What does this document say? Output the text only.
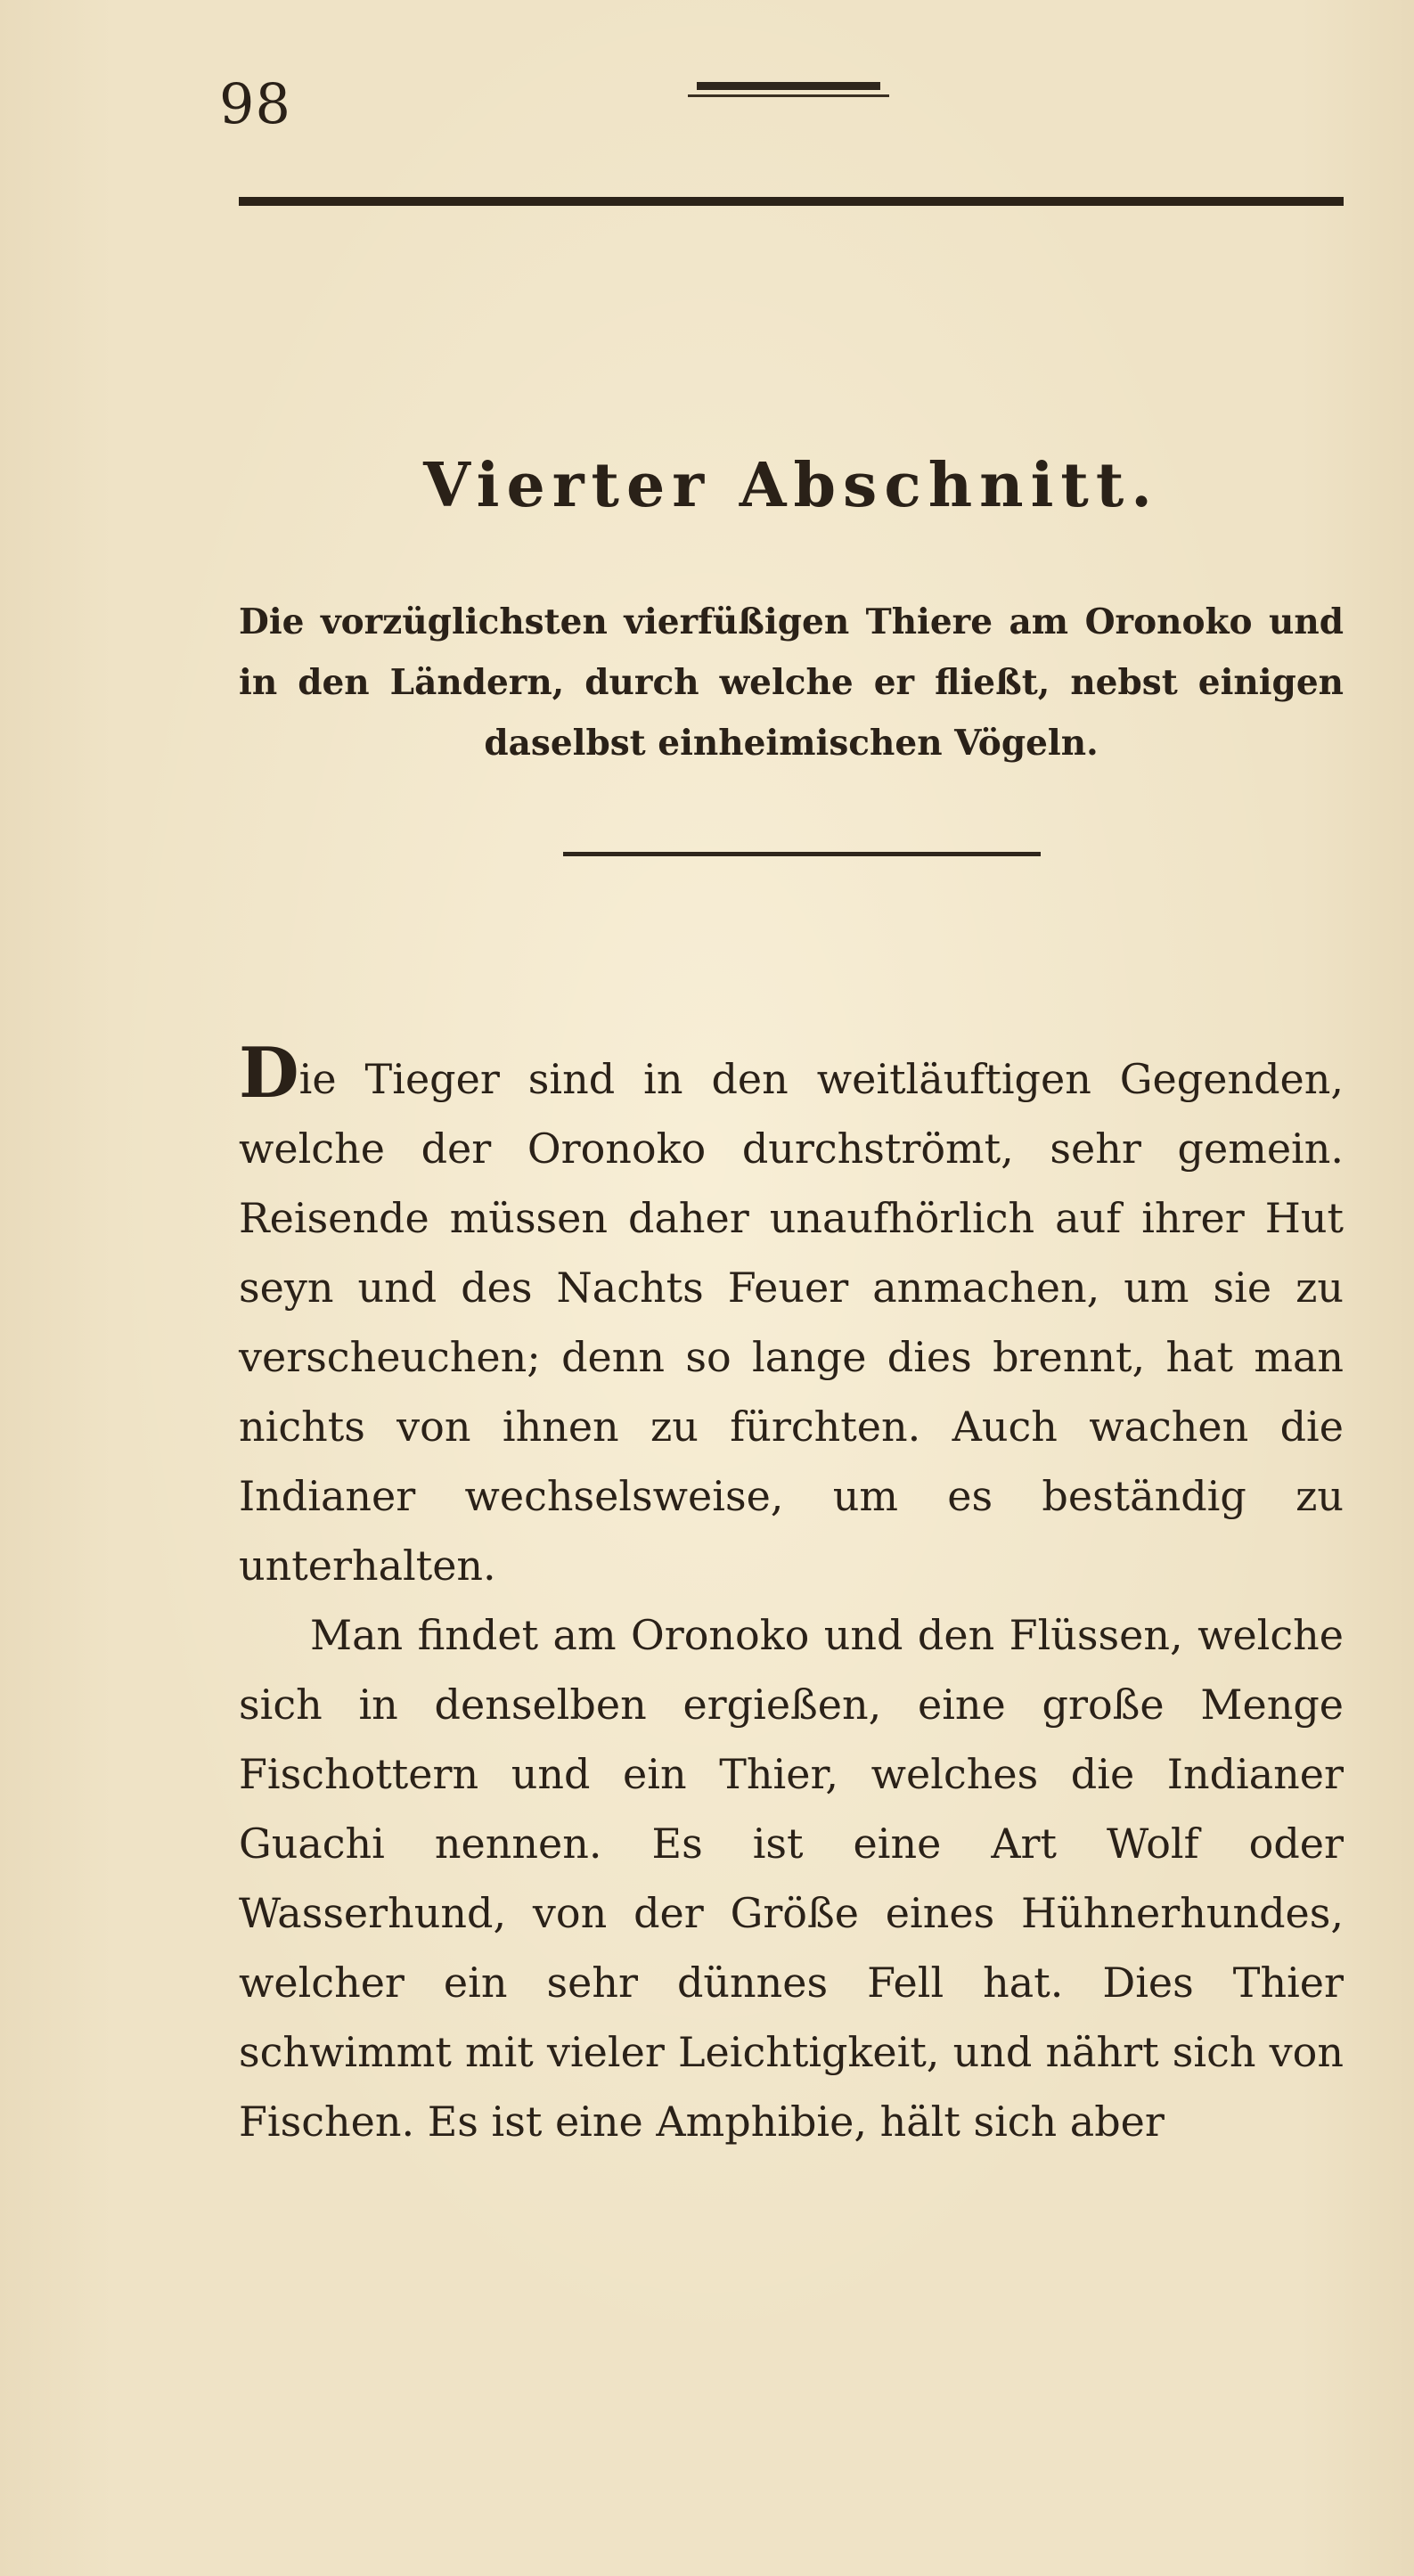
98
Vierter Abschnitt.
Die vorzüglichsten vierfüßigen Thiere am Oronoko und in den Ländern, durch welche er fließt, nebst einigen daselbst einheimischen Vögeln.

Die Tieger sind in den weitläuftigen Gegenden, welche der Oronoko durchströmt, sehr gemein. Reisende müssen daher unaufhörlich auf ihrer Hut seyn und des Nachts Feuer anmachen, um sie zu verscheuchen; denn so lange dies brennt, hat man nichts von ihnen zu fürchten. Auch wachen die Indianer wechselsweise, um es beständig zu unterhalten.

Man findet am Oronoko und den Flüssen, welche sich in denselben ergießen, eine große Menge Fischottern und ein Thier, welches die Indianer Guachi nennen. Es ist eine Art Wolf oder Wasserhund, von der Größe eines Hühnerhundes, welcher ein sehr dünnes Fell hat. Dies Thier schwimmt mit vieler Leichtigkeit, und nährt sich von Fischen. Es ist eine Amphibie, hält sich aber
